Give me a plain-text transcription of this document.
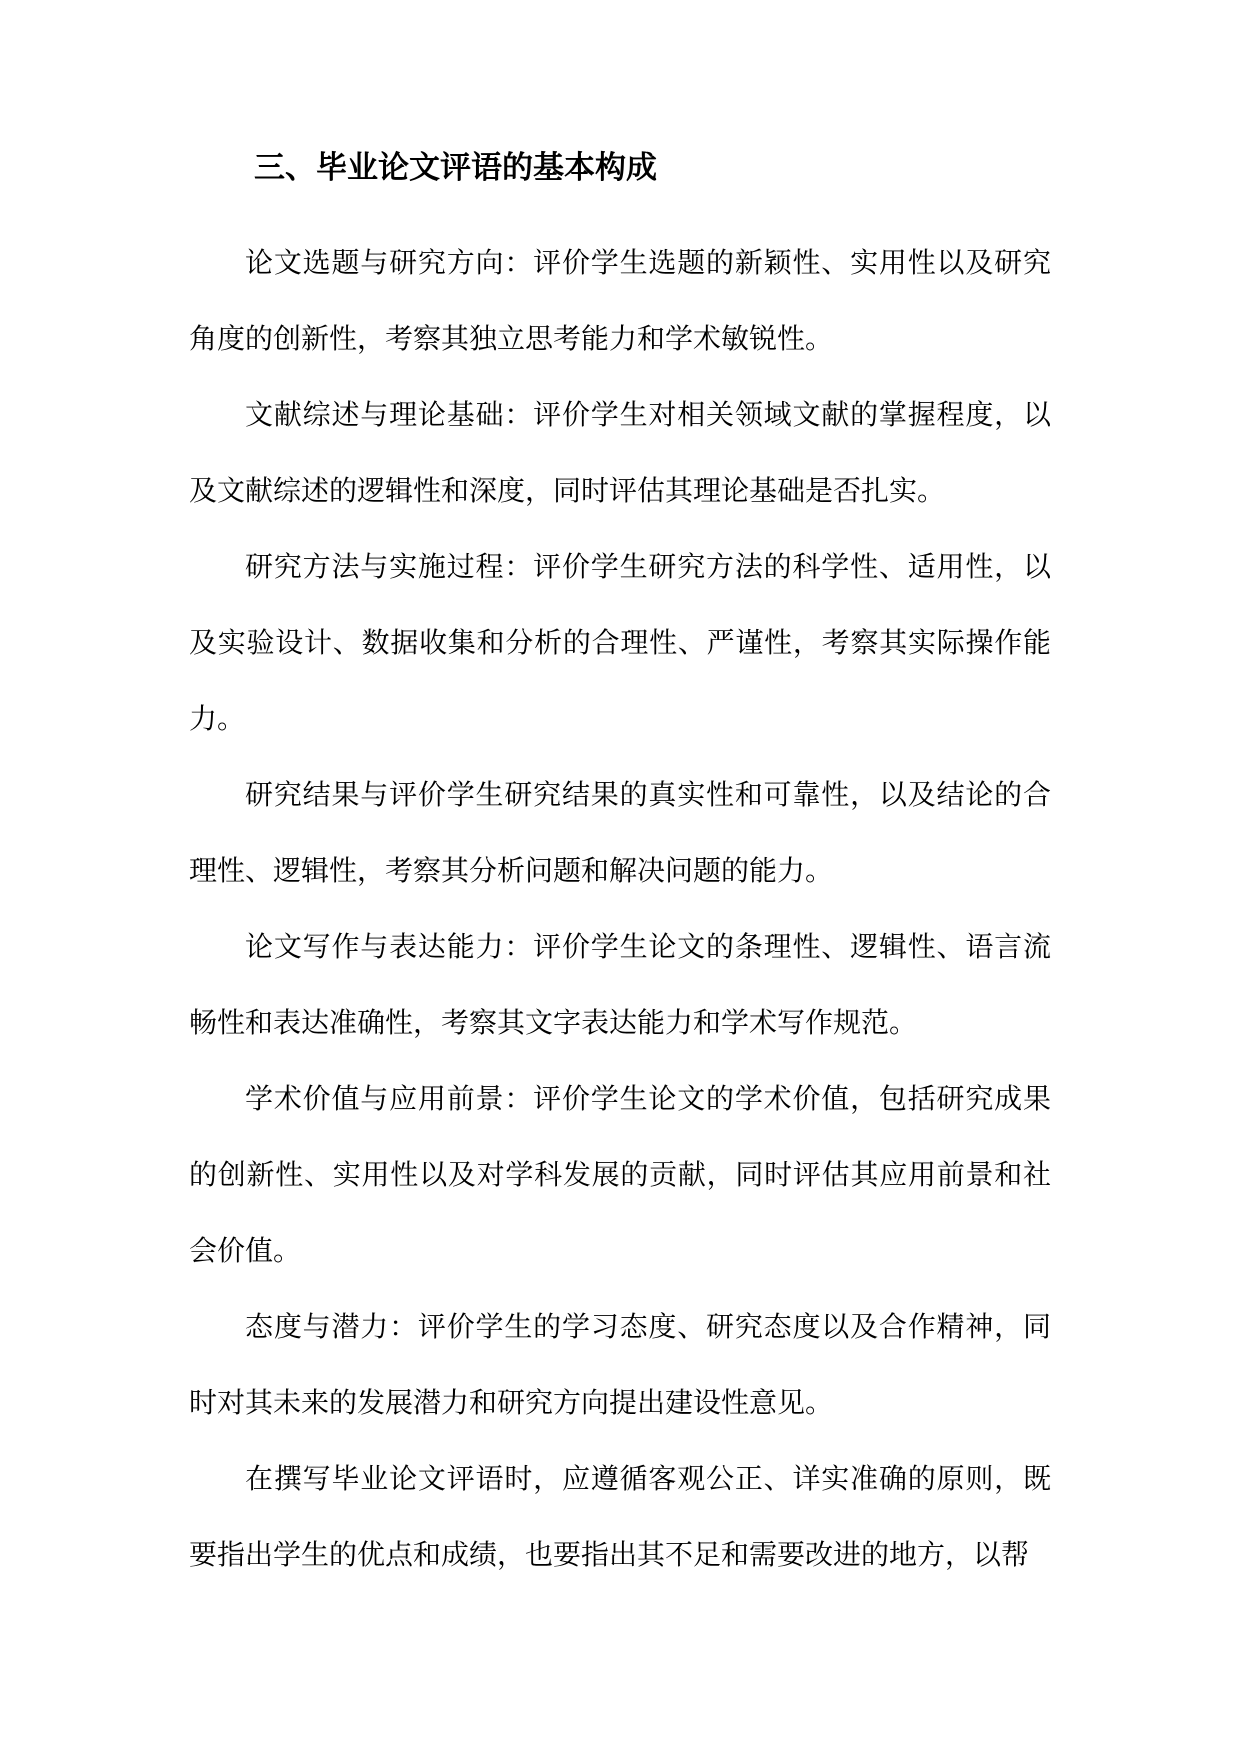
三、毕业论文评语的基本构成

论文选题与研究方向：评价学生选题的新颖性、实用性以及研究角度的创新性，考察其独立思考能力和学术敏锐性。

文献综述与理论基础：评价学生对相关领域文献的掌握程度，以及文献综述的逻辑性和深度，同时评估其理论基础是否扎实。

研究方法与实施过程：评价学生研究方法的科学性、适用性，以及实验设计、数据收集和分析的合理性、严谨性，考察其实际操作能力。

研究结果与评价学生研究结果的真实性和可靠性，以及结论的合理性、逻辑性，考察其分析问题和解决问题的能力。

论文写作与表达能力：评价学生论文的条理性、逻辑性、语言流畅性和表达准确性，考察其文字表达能力和学术写作规范。

学术价值与应用前景：评价学生论文的学术价值，包括研究成果的创新性、实用性以及对学科发展的贡献，同时评估其应用前景和社会价值。

态度与潜力：评价学生的学习态度、研究态度以及合作精神，同时对其未来的发展潜力和研究方向提出建设性意见。

在撰写毕业论文评语时，应遵循客观公正、详实准确的原则，既要指出学生的优点和成绩，也要指出其不足和需要改进的地方，以帮
